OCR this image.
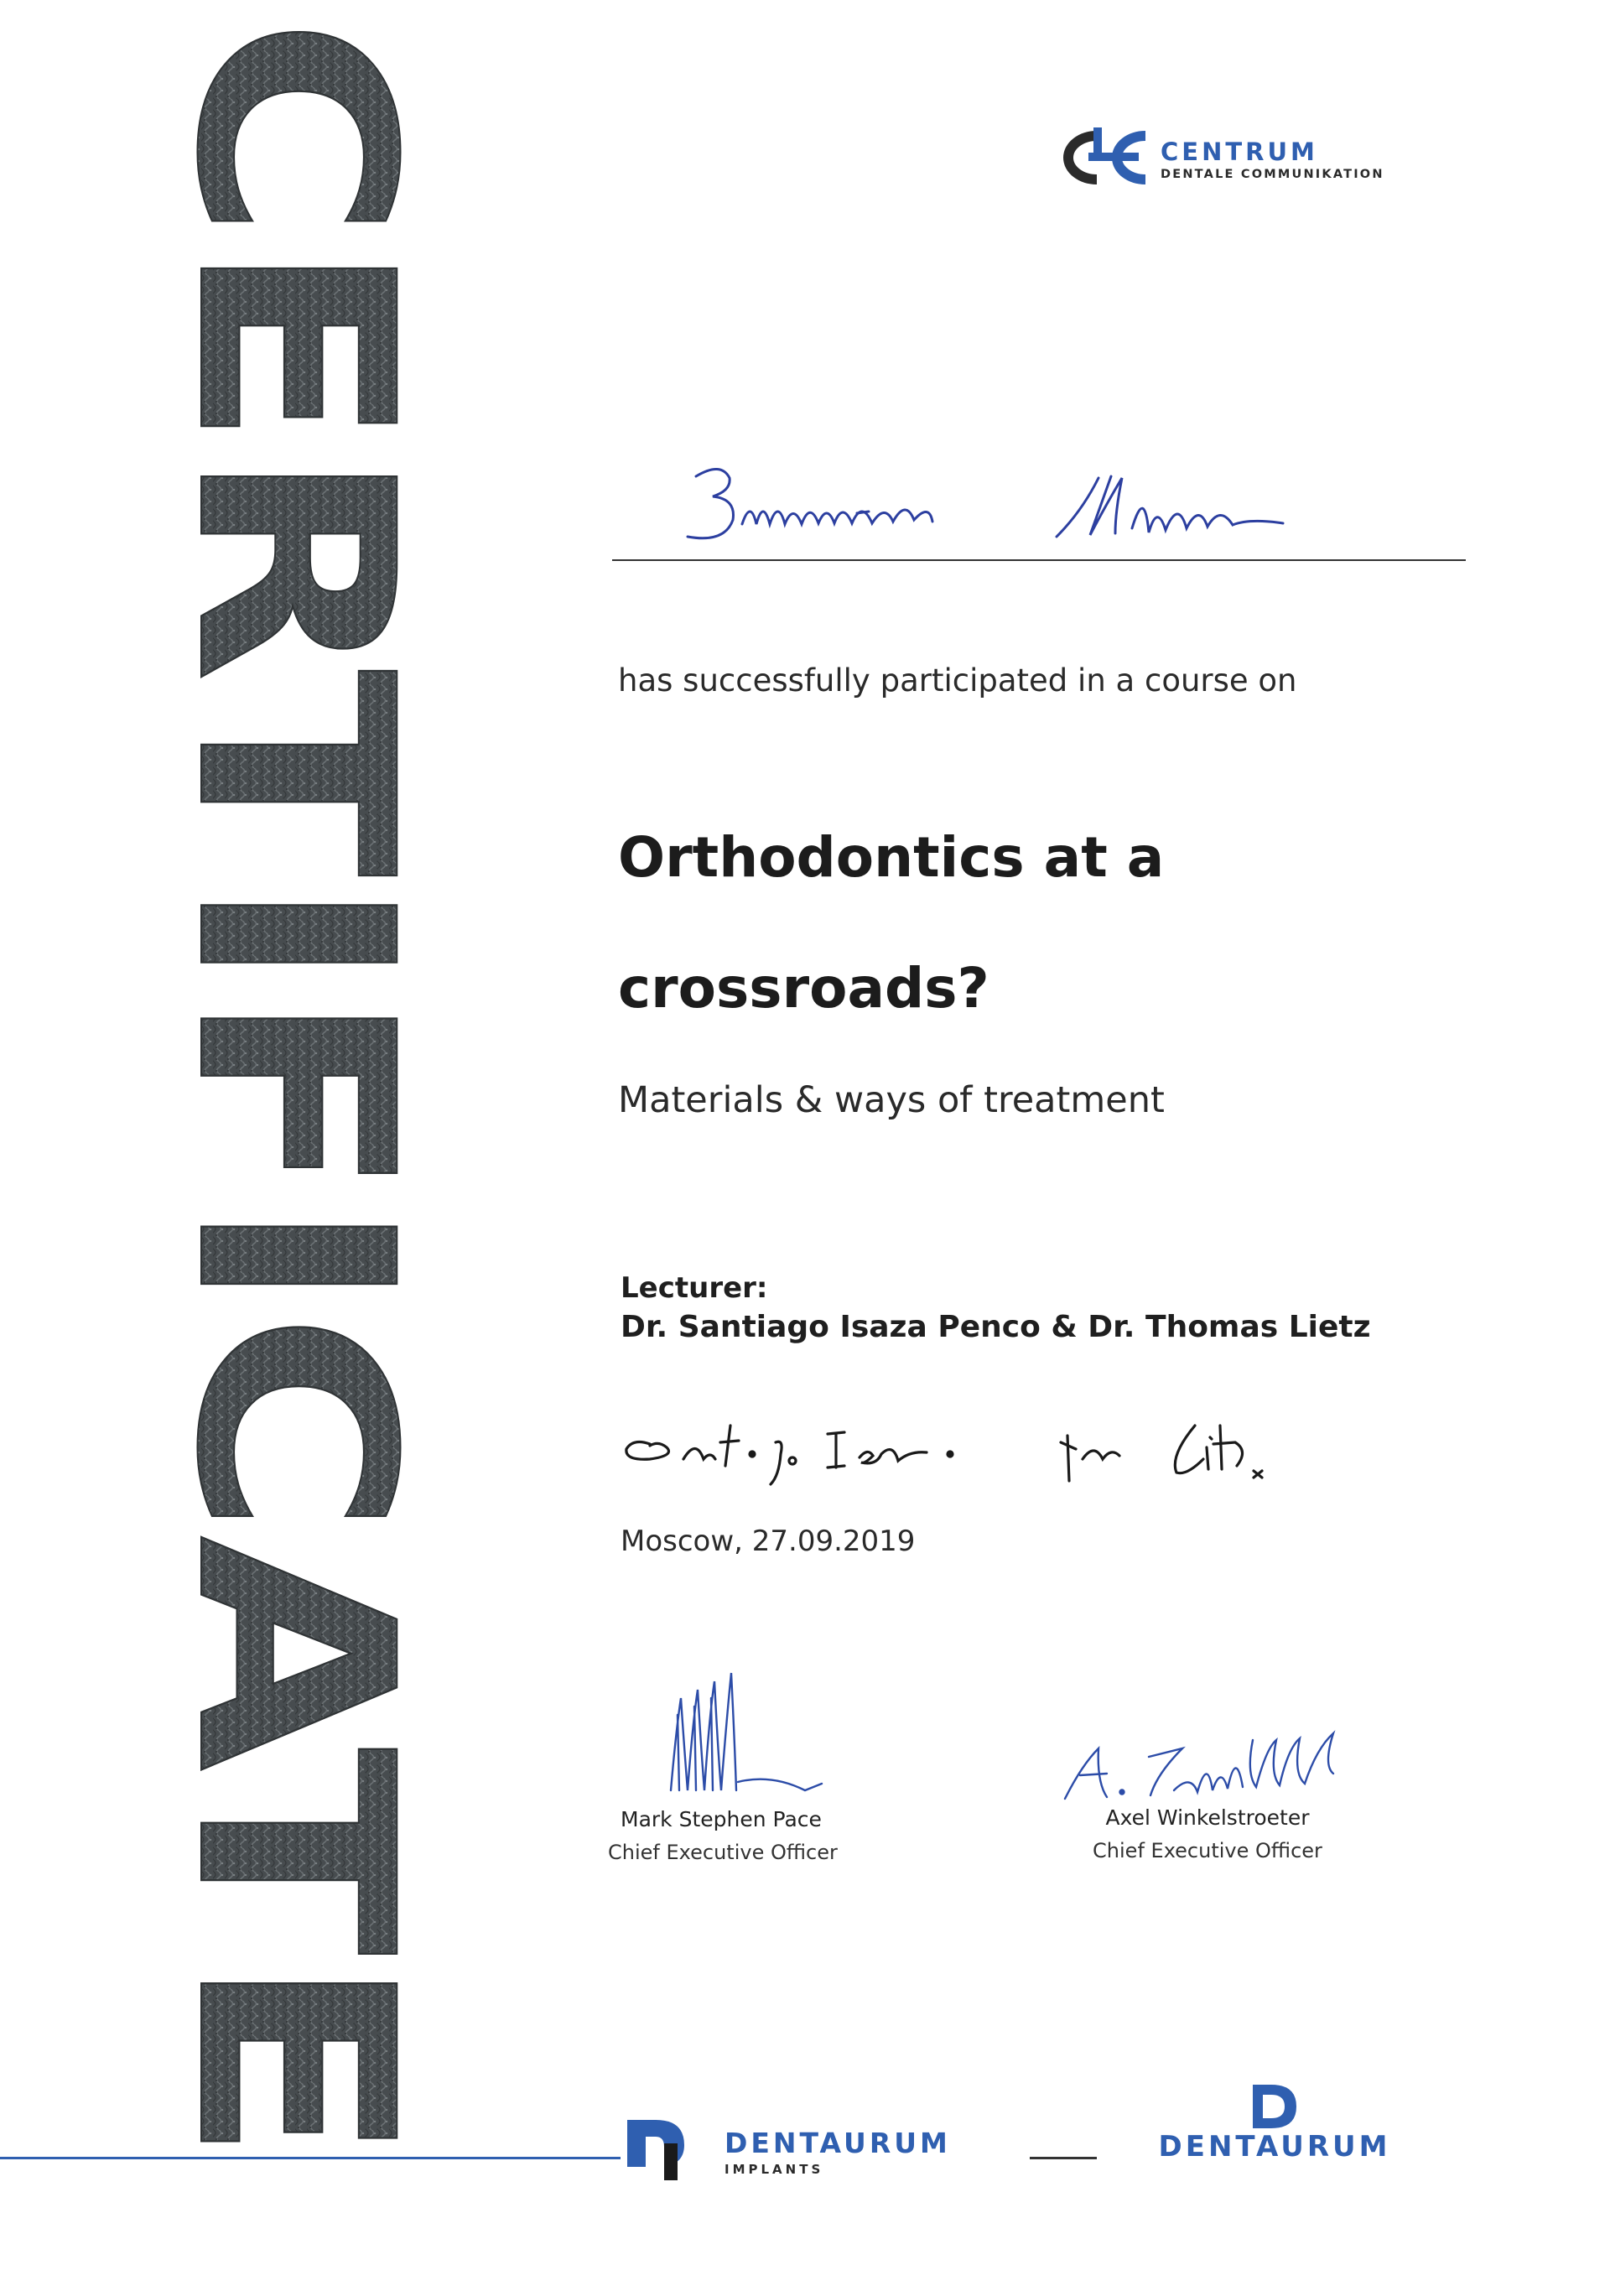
CERTIFICATE	CENTRUM
DENTALE COMMUNIKATION
has successfully participated in a course on
Orthodontics at a
crossroads?
Materials & ways of treatment
Lecturer:
Dr. Santiago Isaza Penco & Dr. Thomas Lietz
Moscow, 27.09.2019
Mark Stephen Pace
Chief Executive Officer
Axel Winkelstroeter
Chief Executive Officer
DENTAURUM
IMPLANTS
DENTAURUM
